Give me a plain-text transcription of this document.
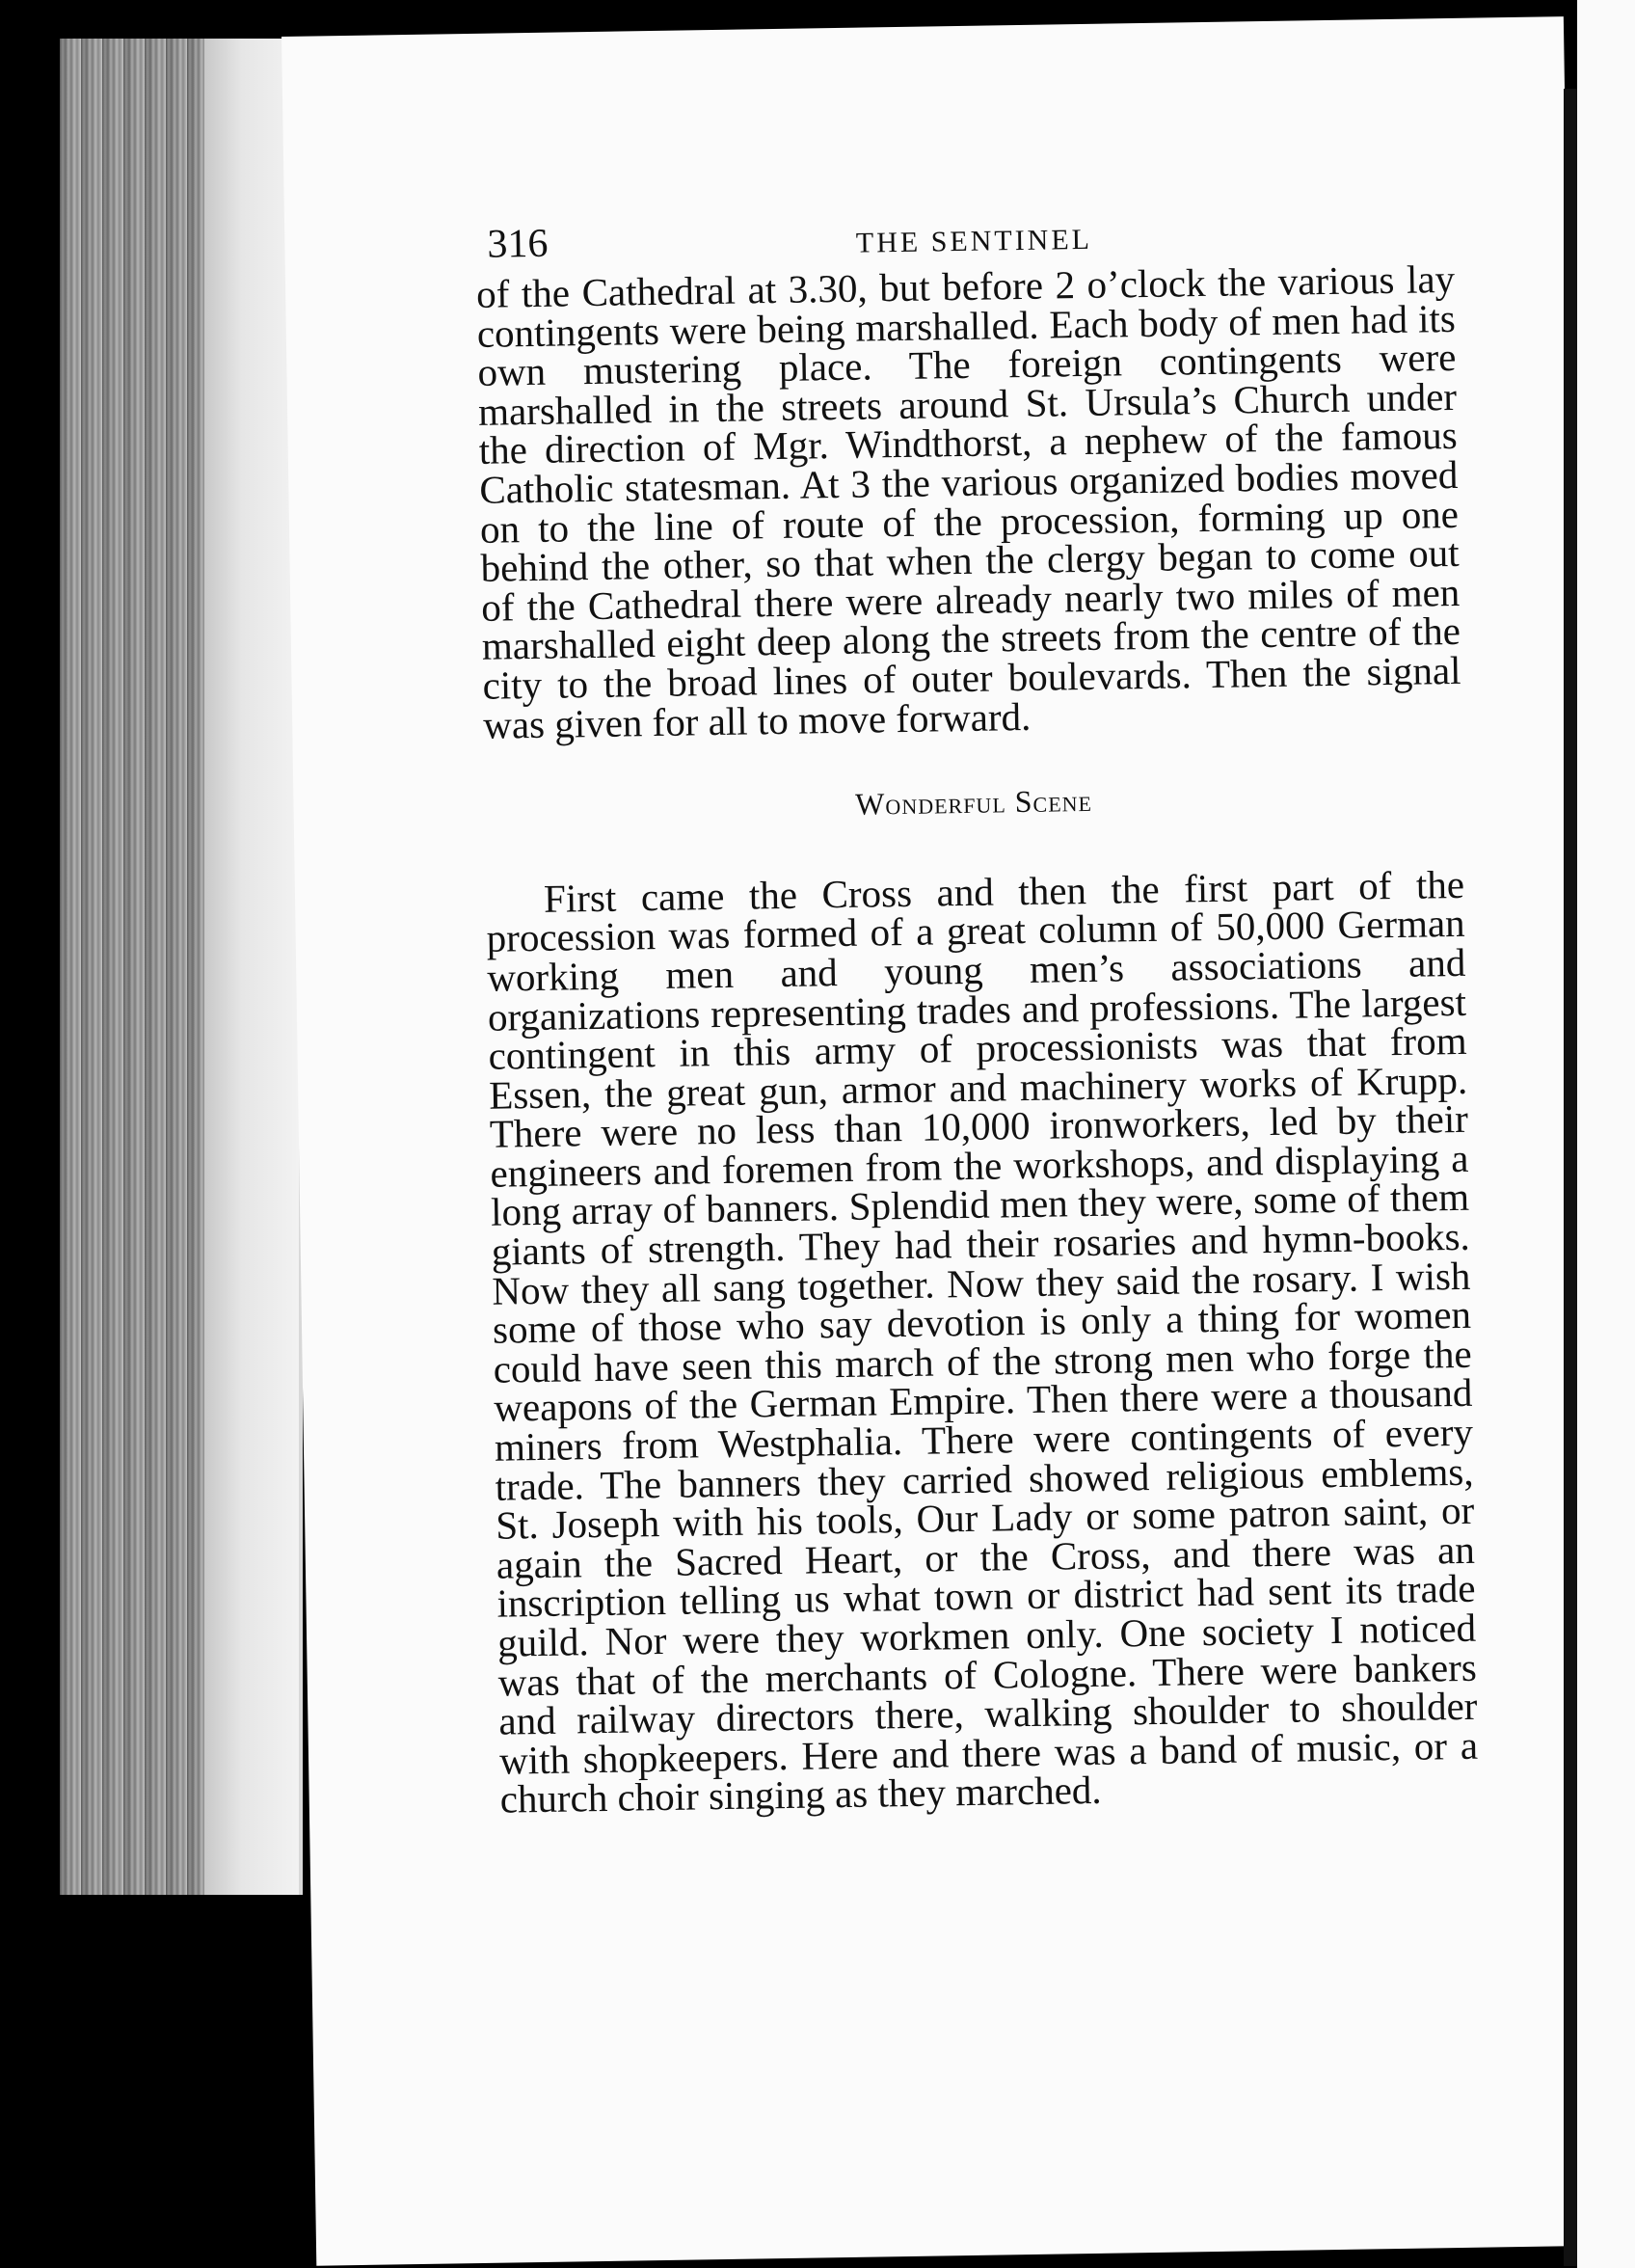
316	THE SENTINEL

of the Cathedral at 3.30, but before 2 o’clock the various lay contingents were being marshalled. Each body of men had its own mustering place. The foreign contingents were marshalled in the streets around St. Ursula’s Church under the direction of Mgr. Windthorst, a nephew of the famous Catholic statesman. At 3 the various organized bodies moved on to the line of route of the procession, forming up one behind the other, so that when the clergy began to come out of the Cathedral there were already nearly two miles of men marshalled eight deep along the streets from the centre of the city to the broad lines of outer boulevards. Then the signal was given for all to move forward.

Wonderful Scene

First came the Cross and then the first part of the procession was formed of a great column of 50,000 German working men and young men’s associations and organizations representing trades and professions. The largest contingent in this army of processionists was that from Essen, the great gun, armor and machinery works of Krupp. There were no less than 10,000 ironworkers, led by their engineers and foremen from the workshops, and displaying a long array of banners. Splendid men they were, some of them giants of strength. They had their rosaries and hymn-books. Now they all sang together. Now they said the rosary. I wish some of those who say devotion is only a thing for women could have seen this march of the strong men who forge the weapons of the German Empire. Then there were a thousand miners from Westphalia. There were contingents of every trade. The banners they carried showed religious emblems, St. Joseph with his tools, Our Lady or some patron saint, or again the Sacred Heart, or the Cross, and there was an inscription telling us what town or district had sent its trade guild. Nor were they workmen only. One society I noticed was that of the merchants of Cologne. There were bankers and railway directors there, walking shoulder to shoulder with shopkeepers. Here and there was a band of music, or a church choir singing as they marched.
